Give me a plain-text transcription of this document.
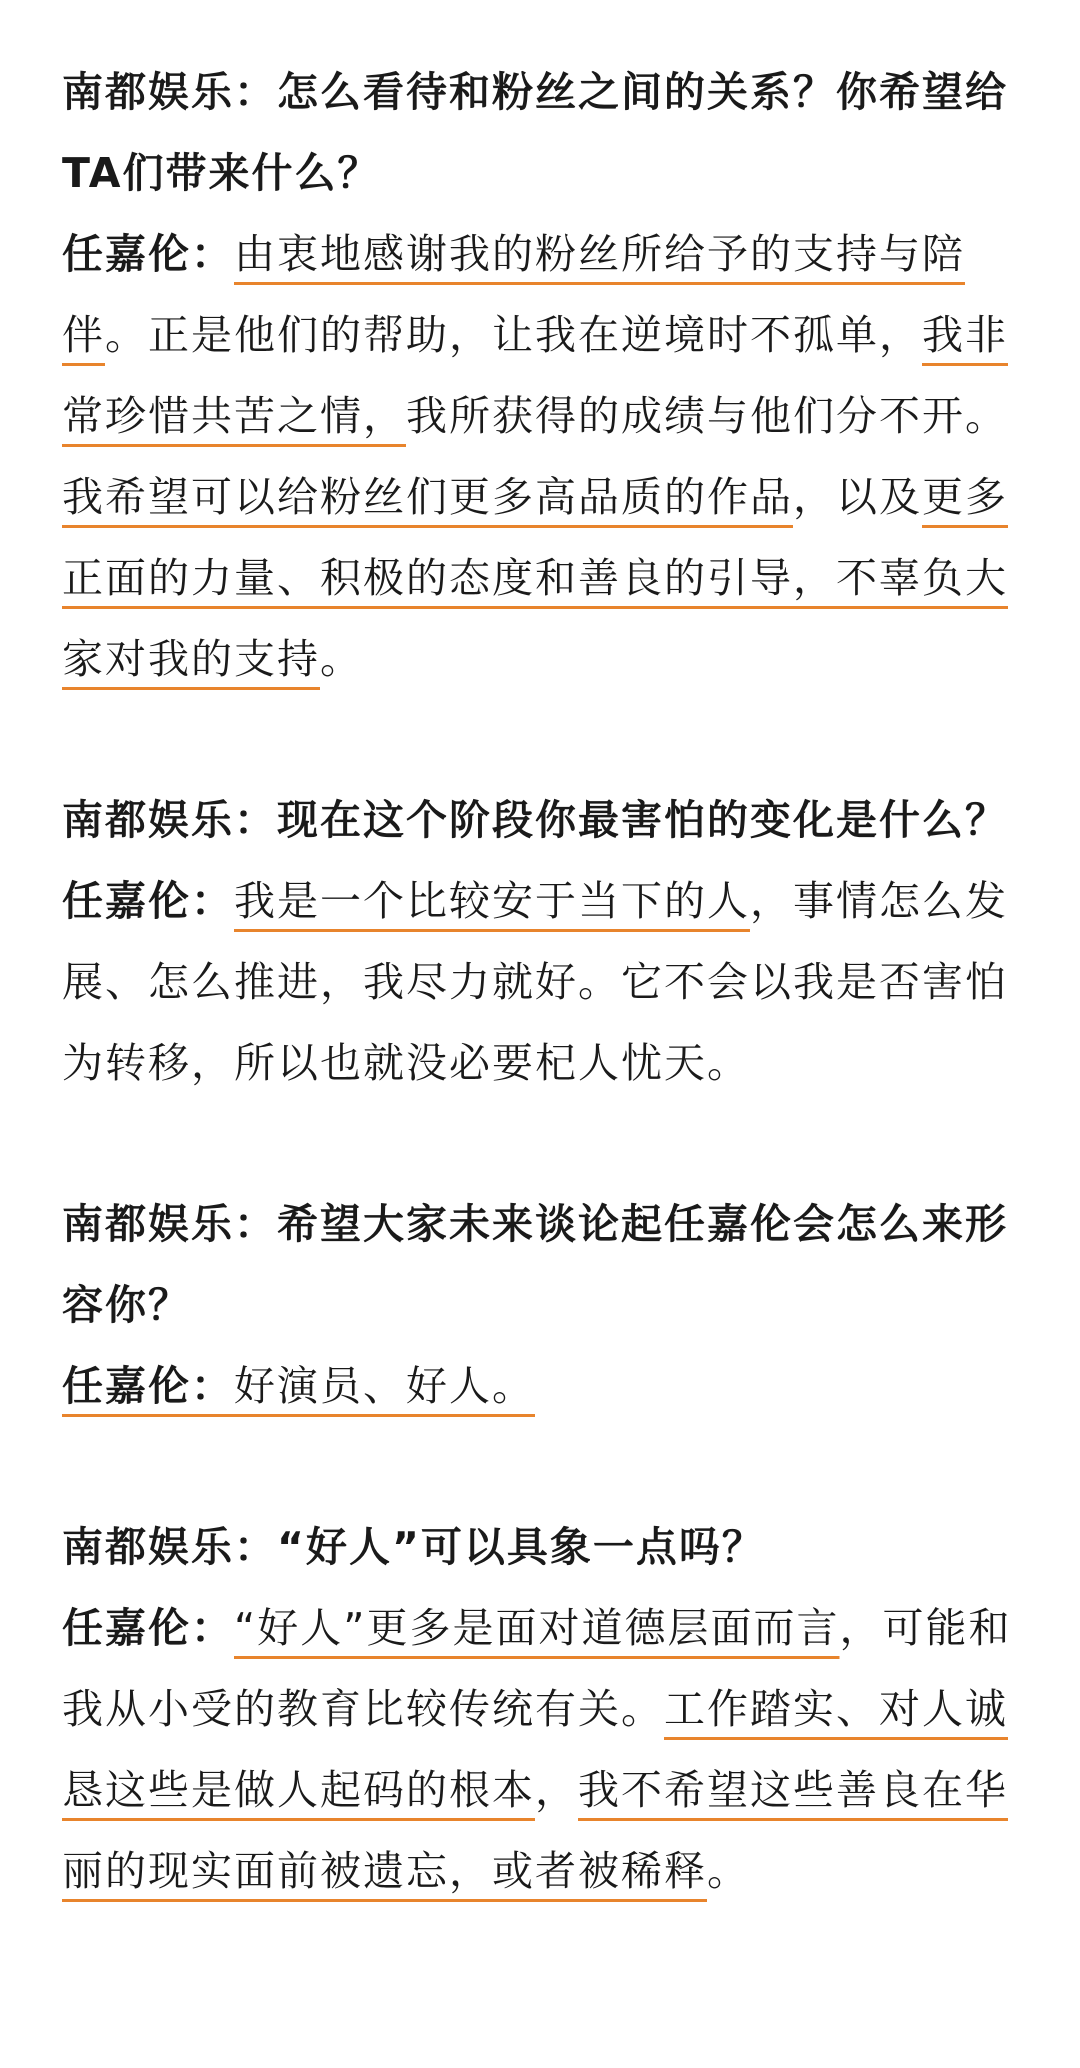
南都娱乐：怎么看待和粉丝之间的关系？你希望给TA们带来什么？

任嘉伦：由衷地感谢我的粉丝所给予的支持与陪伴。正是他们的帮助，让我在逆境时不孤单，我非常珍惜共苦之情，我所获得的成绩与他们分不开。我希望可以给粉丝们更多高品质的作品，以及更多正面的力量、积极的态度和善良的引导，不辜负大家对我的支持。

南都娱乐：现在这个阶段你最害怕的变化是什么？

任嘉伦：我是一个比较安于当下的人，事情怎么发展、怎么推进，我尽力就好。它不会以我是否害怕为转移，所以也就没必要杞人忧天。

南都娱乐：希望大家未来谈论起任嘉伦会怎么来形容你？

任嘉伦：好演员、好人。

南都娱乐：“好人”可以具象一点吗？

任嘉伦：“好人”更多是面对道德层面而言，可能和我从小受的教育比较传统有关。工作踏实、对人诚恳这些是做人起码的根本，我不希望这些善良在华丽的现实面前被遗忘，或者被稀释。
